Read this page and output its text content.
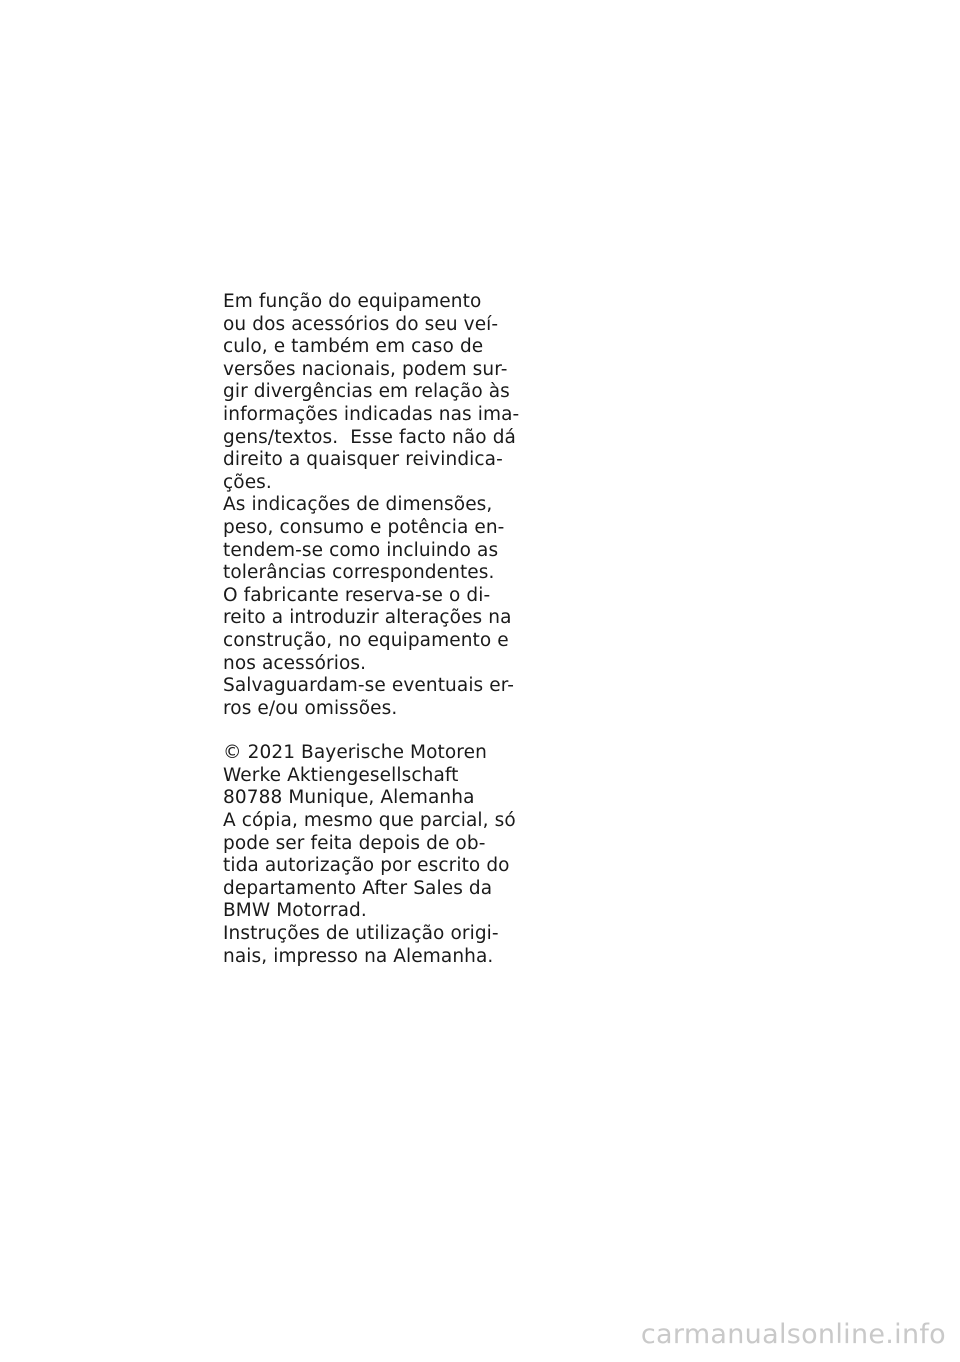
Em função do equipamento
ou dos acessórios do seu veí-
culo, e também em caso de
versões nacionais, podem sur-
gir divergências em relação às
informações indicadas nas ima-
gens/textos.  Esse facto não dá
direito a quaisquer reivindica-
ções.
As indicações de dimensões,
peso, consumo e potência en-
tendem-se como incluindo as
tolerâncias correspondentes.
O fabricante reserva-se o di-
reito a introduzir alterações na
construção, no equipamento e
nos acessórios.
Salvaguardam-se eventuais er-
ros e/ou omissões.
© 2021 Bayerische Motoren
Werke Aktiengesellschaft
80788 Munique, Alemanha
A cópia, mesmo que parcial, só
pode ser feita depois de ob-
tida autorização por escrito do
departamento After Sales da
BMW Motorrad.
Instruções de utilização origi-
nais, impresso na Alemanha.
carmanualsonline.info
